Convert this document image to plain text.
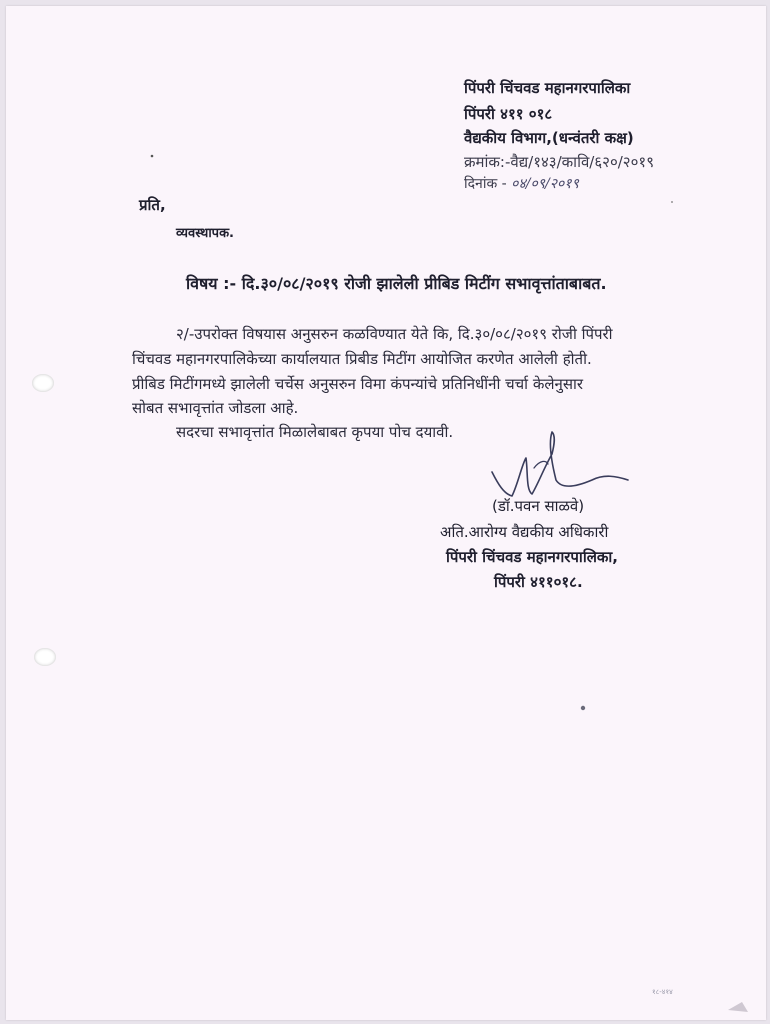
पिंपरी चिंचवड महानगरपालिका
पिंपरी ४११ ०१८
वैद्यकीय विभाग,(धन्वंतरी कक्ष)
क्रमांक:-वैद्य/१४३/कावि/६२०/२०१९
दिनांक - ०४/०९/२०१९
प्रति,
व्यवस्थापक.
विषय :- दि.३०/०८/२०१९ रोजी झालेली प्रीबिड मिटींग सभावृत्तांताबाबत.
२/-उपरोक्त विषयास अनुसरुन कळविण्यात येते कि, दि.३०/०८/२०१९ रोजी पिंपरी
चिंचवड महानगरपालिकेच्या कार्यालयात प्रिबीड मिटींग आयोजित करणेत आलेली होती.
प्रीबिड मिटींगमध्ये झालेली चर्चेस अनुसरुन विमा कंपन्यांचे प्रतिनिधींनी चर्चा केलेनुसार
सोबत सभावृत्तांत जोडला आहे.
सदरचा सभावृत्तांत मिळालेबाबत कृपया पोच दयावी.
(डॉ.पवन साळवे)
अति.आरोग्य वैद्यकीय अधिकारी
पिंपरी चिंचवड महानगरपालिका,
पिंपरी ४११०१८.
१८-४१४
